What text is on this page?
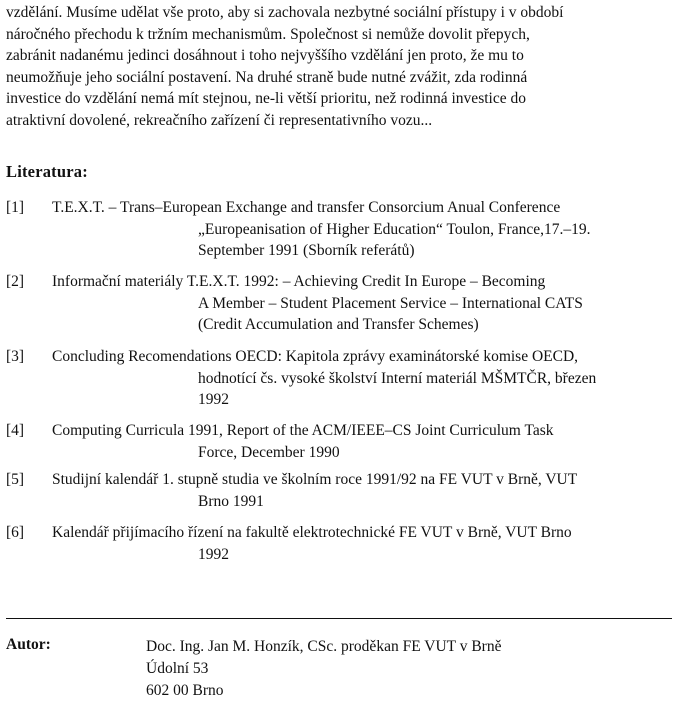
vzdělání. Musíme udělat vše proto, aby si zachovala nezbytné sociální přístupy i v období
náročného přechodu k tržním mechanismům. Společnost si nemůže dovolit přepych,
zabránit nadanému jedinci dosáhnout i toho nejvyššího vzdělání jen proto, že mu to
neumožňuje jeho sociální postavení. Na druhé straně bude nutné zvážit, zda rodinná
investice do vzdělání nemá mít stejnou, ne-li větší prioritu, než rodinná investice do
atraktivní dovolené, rekreačního zařízení či representativního vozu...
Literatura:
[1] T.E.X.T. – Trans–European Exchange and transfer Consorcium Anual Conference
„Europeanisation of Higher Education“ Toulon, France,17.–19.
September 1991 (Sborník referátů)
[2] Informační materiály T.E.X.T. 1992: – Achieving Credit In Europe – Becoming
A Member – Student Placement Service – International CATS
(Credit Accumulation and Transfer Schemes)
[3] Concluding Recomendations OECD: Kapitola zprávy examinátorské komise OECD,
hodnotící čs. vysoké školství Interní materiál MŠMTČR, březen
1992
[4] Computing Curricula 1991, Report of the ACM/IEEE–CS Joint Curriculum Task
Force, December 1990
[5] Studijní kalendář 1. stupně studia ve školním roce 1991/92 na FE VUT v Brně, VUT
Brno 1991
[6] Kalendář přijímacího řízení na fakultě elektrotechnické FE VUT v Brně, VUT Brno
1992
Autor:	Doc. Ing. Jan M. Honzík, CSc. proděkan FE VUT v Brně
Údolní 53
602 00 Brno
